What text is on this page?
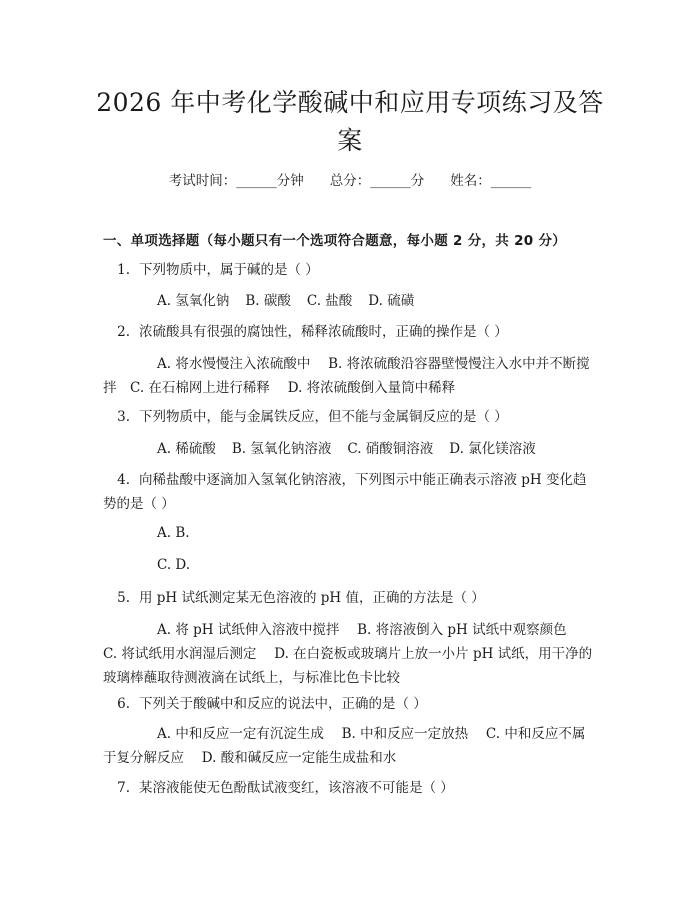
2026 年中考化学酸碱中和应用专项练习及答
案
考试时间：______分钟 总分：______分 姓名：______
一、单项选择题（每小题只有一个选项符合题意，每小题 2 分，共 20 分）
1. 下列物质中，属于碱的是（ ）
A. 氢氧化钠 B. 碳酸 C. 盐酸 D. 硫磺
2. 浓硫酸具有很强的腐蚀性，稀释浓硫酸时，正确的操作是（ ）
A. 将水慢慢注入浓硫酸中　 B. 将浓硫酸沿容器壁慢慢注入水中并不断搅拌　C. 在石棉网上进行稀释　 D. 将浓硫酸倒入量筒中稀释
3. 下列物质中，能与金属铁反应，但不能与金属铜反应的是（ ）
A. 稀硫酸 B. 氢氧化钠溶液 C. 硝酸铜溶液 D. 氯化镁溶液
4. 向稀盐酸中逐滴加入氢氧化钠溶液，下列图示中能正确表示溶液 pH 变化趋势的是（ ）
A. B.
C. D.
5. 用 pH 试纸测定某无色溶液的 pH 值，正确的方法是（ ）
A. 将 pH 试纸伸入溶液中搅拌　 B. 将溶液倒入 pH 试纸中观察颜色　 C. 将试纸用水润湿后测定　 D. 在白瓷板或玻璃片上放一小片 pH 试纸，用干净的玻璃棒蘸取待测液滴在试纸上，与标准比色卡比较
6. 下列关于酸碱中和反应的说法中，正确的是（ ）
A. 中和反应一定有沉淀生成　 B. 中和反应一定放热　 C. 中和反应不属于复分解反应　 D. 酸和碱反应一定能生成盐和水
7. 某溶液能使无色酚酞试液变红，该溶液不可能是（ ）
